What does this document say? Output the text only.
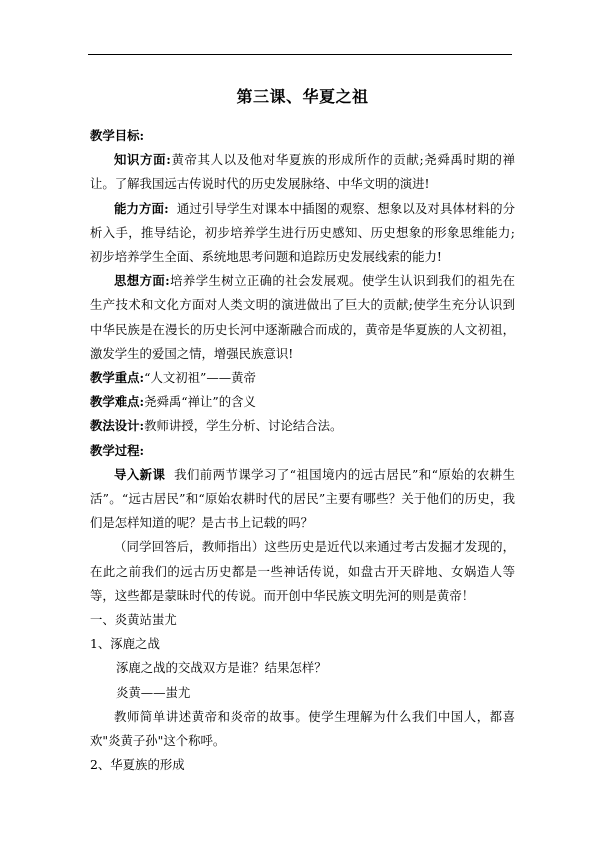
第三课、华夏之祖

教学目标:

知识方面:黄帝其人以及他对华夏族的形成所作的贡献;尧舜禹时期的禅让。了解我国远古传说时代的历史发展脉络、中华文明的演进!

能力方面:  通过引导学生对课本中插图的观察、想象以及对具体材料的分析入手，推导结论，初步培养学生进行历史感知、历史想象的形象思维能力;初步培养学生全面、系统地思考问题和追踪历史发展线索的能力!

思想方面:培养学生树立正确的社会发展观。使学生认识到我们的祖先在生产技术和文化方面对人类文明的演进做出了巨大的贡献;使学生充分认识到中华民族是在漫长的历史长河中逐渐融合而成的，黄帝是华夏族的人文初祖，激发学生的爱国之情，增强民族意识!

教学重点:“人文初祖”——黄帝

教学难点:尧舜禹“禅让”的含义

教法设计:教师讲授，学生分析、讨论结合法。

教学过程:

导入新课  我们前两节课学习了“祖国境内的远古居民”和“原始的农耕生活”。“远古居民”和“原始农耕时代的居民”主要有哪些？关于他们的历史，我们是怎样知道的呢？是古书上记载的吗？

（同学回答后，教师指出）这些历史是近代以来通过考古发掘才发现的，在此之前我们的远古历史都是一些神话传说，如盘古开天辟地、女娲造人等等，这些都是蒙昧时代的传说。而开创中华民族文明先河的则是黄帝！

一、炎黄站蚩尤

1、涿鹿之战

涿鹿之战的交战双方是谁？结果怎样？

炎黄——蚩尤

教师简单讲述黄帝和炎帝的故事。使学生理解为什么我们中国人，都喜欢"炎黄子孙"这个称呼。

2、华夏族的形成
